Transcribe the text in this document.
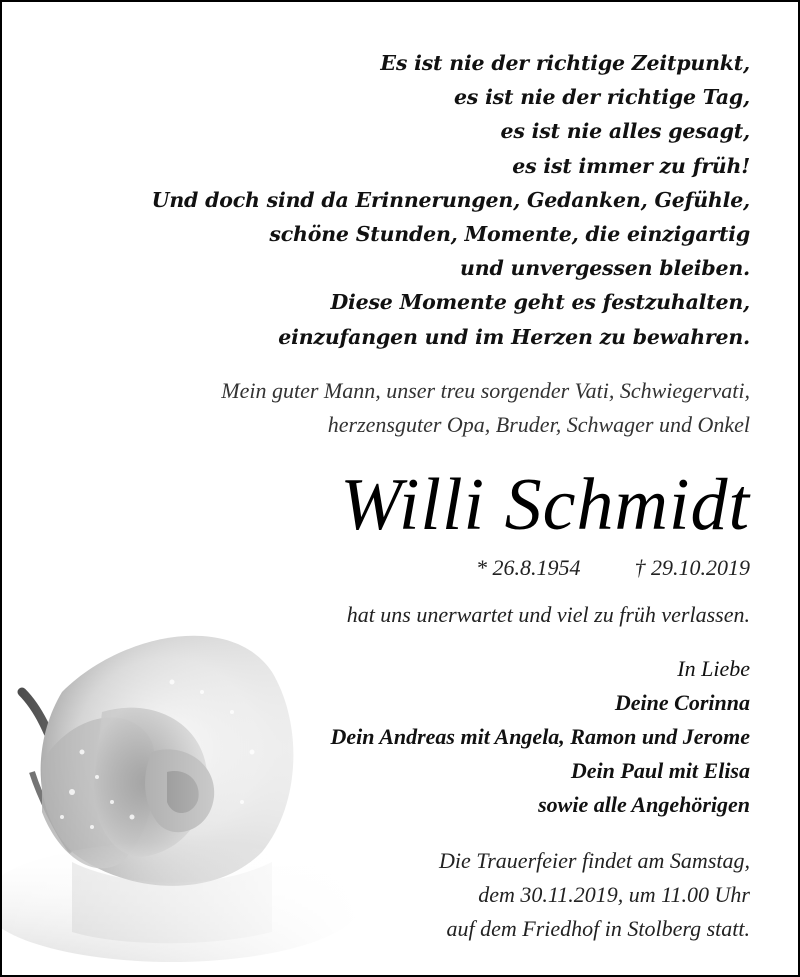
Es ist nie der richtige Zeitpunkt,
es ist nie der richtige Tag,
es ist nie alles gesagt,
es ist immer zu früh!
Und doch sind da Erinnerungen, Gedanken, Gefühle,
schöne Stunden, Momente, die einzigartig
und unvergessen bleiben.
Diese Momente geht es festzuhalten,
einzufangen und im Herzen zu bewahren.
Mein guter Mann, unser treu sorgender Vati, Schwiegervati,
herzensguter Opa, Bruder, Schwager und Onkel
Willi Schmidt
* 26.8.1954 † 29.10.2019
hat uns unerwartet und viel zu früh verlassen.
In Liebe
Deine Corinna
Dein Andreas mit Angela, Ramon und Jerome
Dein Paul mit Elisa
sowie alle Angehörigen
Die Trauerfeier findet am Samstag,
dem 30.11.2019, um 11.00 Uhr
auf dem Friedhof in Stolberg statt.
